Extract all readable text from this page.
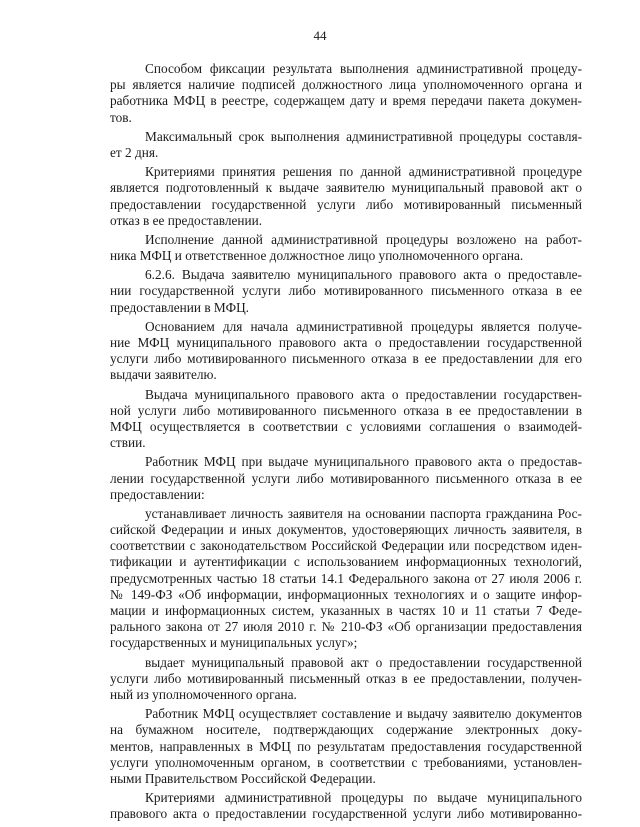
44
Способом фиксации результата выполнения административной процеду-
ры является наличие подписей должностного лица уполномоченного органа и
работника МФЦ в реестре, содержащем дату и время передачи пакета докумен-
тов.
Максимальный срок выполнения административной процедуры составля-
ет 2 дня.
Критериями принятия решения по данной административной процедуре
является подготовленный к выдаче заявителю муниципальный правовой акт о
предоставлении государственной услуги либо мотивированный письменный
отказ в ее предоставлении.
Исполнение данной административной процедуры возложено на работ-
ника МФЦ и ответственное должностное лицо уполномоченного органа.
6.2.6. Выдача заявителю муниципального правового акта о предоставле-
нии государственной услуги либо мотивированного письменного отказа в ее
предоставлении в МФЦ.
Основанием для начала административной процедуры является получе-
ние МФЦ муниципального правового акта о предоставлении государственной
услуги либо мотивированного письменного отказа в ее предоставлении для его
выдачи заявителю.
Выдача муниципального правового акта о предоставлении государствен-
ной услуги либо мотивированного письменного отказа в ее предоставлении в
МФЦ осуществляется в соответствии с условиями соглашения о взаимодей-
ствии.
Работник МФЦ при выдаче муниципального правового акта о предостав-
лении государственной услуги либо мотивированного письменного отказа в ее
предоставлении:
устанавливает личность заявителя на основании паспорта гражданина Рос-
сийской Федерации и иных документов, удостоверяющих личность заявителя, в
соответствии с законодательством Российской Федерации или посредством иден-
тификации и аутентификации с использованием информационных технологий,
предусмотренных частью 18 статьи 14.1 Федерального закона от 27 июля 2006 г.
№ 149-ФЗ «Об информации, информационных технологиях и о защите инфор-
мации и информационных систем, указанных в частях 10 и 11 статьи 7 Феде-
рального закона от 27 июля 2010 г. № 210-ФЗ «Об организации предоставления
государственных и муниципальных услуг»;
выдает муниципальный правовой акт о предоставлении государственной
услуги либо мотивированный письменный отказ в ее предоставлении, получен-
ный из уполномоченного органа.
Работник МФЦ осуществляет составление и выдачу заявителю документов
на бумажном носителе, подтверждающих содержание электронных доку-
ментов, направленных в МФЦ по результатам предоставления государственной
услуги уполномоченным органом, в соответствии с требованиями, установлен-
ными Правительством Российской Федерации.
Критериями административной процедуры по выдаче муниципального
правового акта о предоставлении государственной услуги либо мотивированно-
